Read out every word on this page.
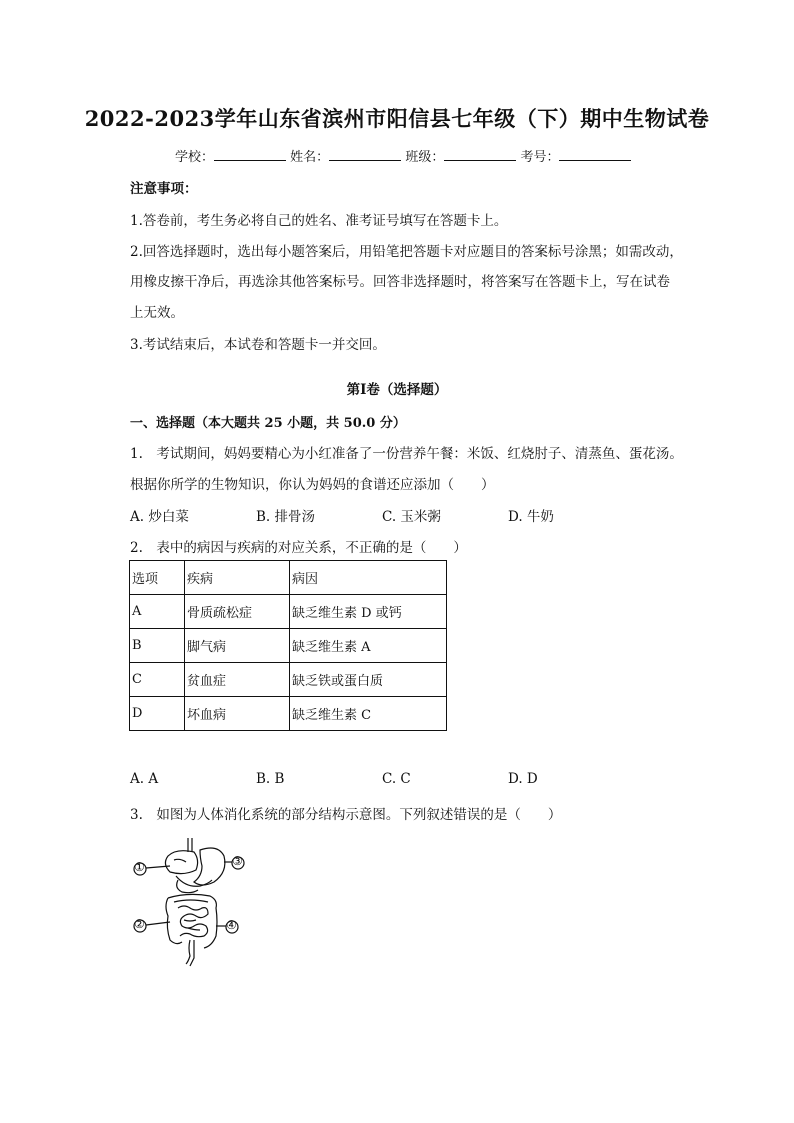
2022-2023学年山东省滨州市阳信县七年级（下）期中生物试卷
学校：	姓名：	班级：	考号：
注意事项：
1.答卷前，考生务必将自己的姓名、准考证号填写在答题卡上。
2.回答选择题时，选出每小题答案后，用铅笔把答题卡对应题目的答案标号涂黑；如需改动，
用橡皮擦干净后，再选涂其他答案标号。回答非选择题时，将答案写在答题卡上，写在试卷
上无效。
3.考试结束后，本试卷和答题卡一并交回。
第Ⅰ卷（选择题）
一、选择题（本大题共 25 小题，共 50.0 分）
1.　考试期间，妈妈要精心为小红准备了一份营养午餐：米饭、红烧肘子、清蒸鱼、蛋花汤。
根据你所学的生物知识，你认为妈妈的食谱还应添加（　　）
A. 炒白菜	B. 排骨汤	C. 玉米粥	D. 牛奶
2.　表中的病因与疾病的对应关系，不正确的是（　　）
选项	疾病	病因
A	骨质疏松症	缺乏维生素 D 或钙
B	脚气病	缺乏维生素 A
C	贫血症	缺乏铁或蛋白质
D	坏血病	缺乏维生素 C
A. A	B. B	C. C	D. D
3.　如图为人体消化系统的部分结构示意图。下列叙述错误的是（　　）
①	③
②	④
